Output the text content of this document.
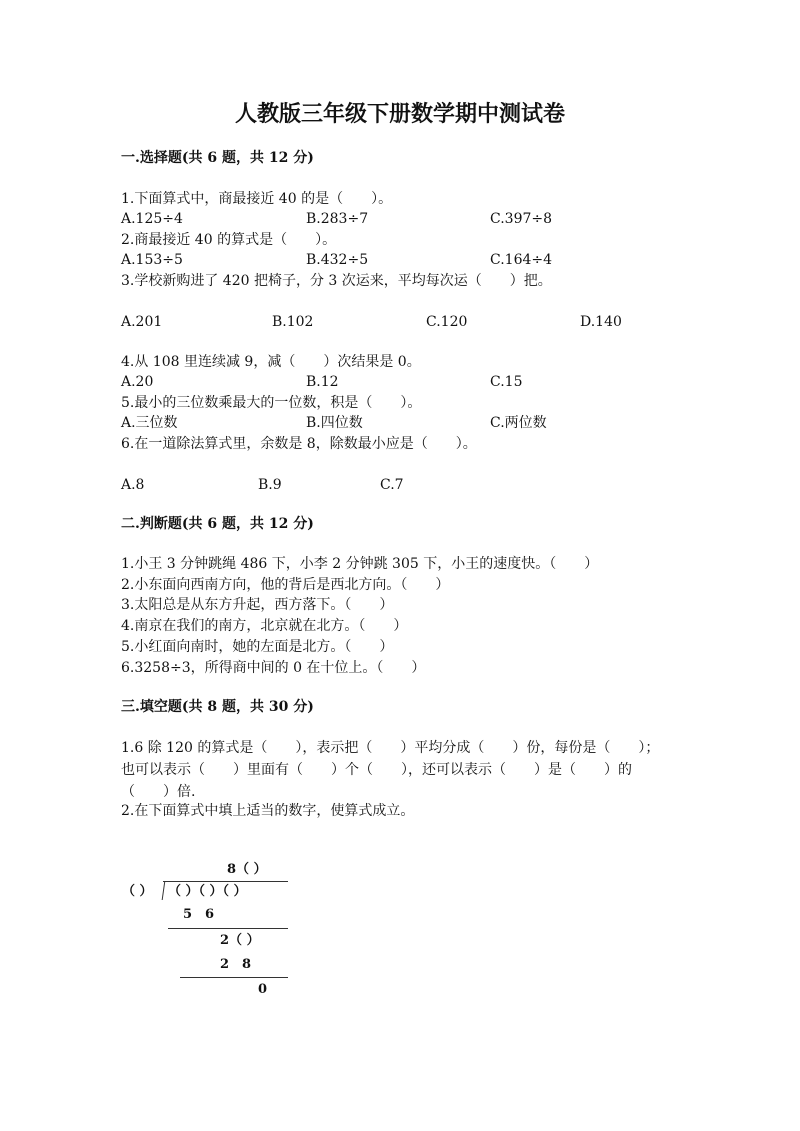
人教版三年级下册数学期中测试卷
一.选择题(共 6 题，共 12 分)
1.下面算式中，商最接近 40 的是（　　）。
A.125÷4	B.283÷7	C.397÷8
2.商最接近 40 的算式是（　　）。
A.153÷5	B.432÷5	C.164÷4
3.学校新购进了 420 把椅子，分 3 次运来，平均每次运（　　）把。
A.201	B.102	C.120	D.140
4.从 108 里连续减 9，减（　　）次结果是 0。
A.20	B.12	C.15
5.最小的三位数乘最大的一位数，积是（　　）。
A.三位数	B.四位数	C.两位数
6.在一道除法算式里，余数是 8，除数最小应是（　　）。
A.8	B.9	C.7
二.判断题(共 6 题，共 12 分)
1.小王 3 分钟跳绳 486 下，小李 2 分钟跳 305 下，小王的速度快。（　　）
2.小东面向西南方向，他的背后是西北方向。（　　）
3.太阳总是从东方升起，西方落下。（　　）
4.南京在我们的南方，北京就在北方。（　　）
5.小红面向南时，她的左面是北方。（　　）
6.3258÷3，所得商中间的 0 在十位上。（　　）
三.填空题(共 8 题，共 30 分)
1.6 除 120 的算式是（　　），表示把（　　）平均分成（　　）份，每份是（　　）；也可以表示（　　）里面有（　　）个（　　），还可以表示（　　）是（　　）的（　　）倍.
2.在下面算式中填上适当的数字，使算式成立。
8（ ）
（ ） （ ）（ ）（ ）
5　6
2（ ）
2　8
0
